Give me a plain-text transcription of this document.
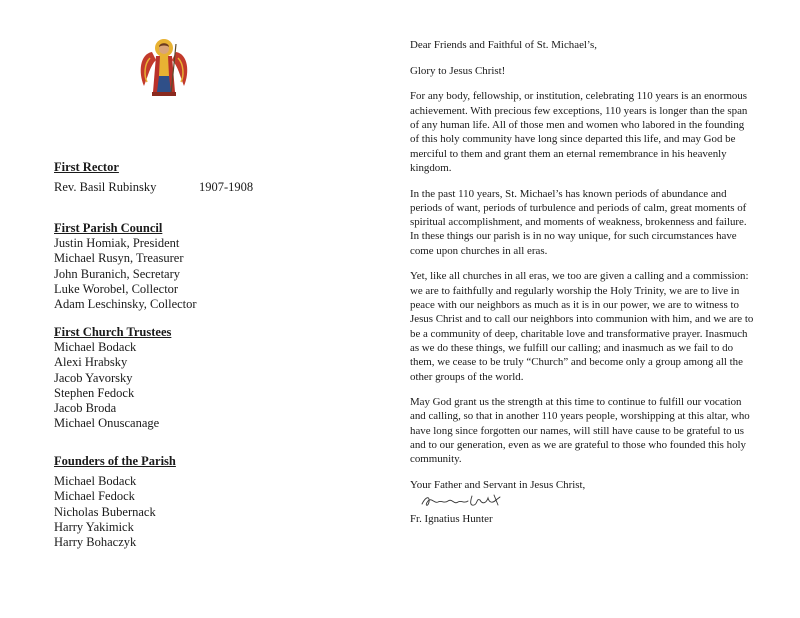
First Rector
Rev. Basil Rubinsky	1907-1908
First Parish Council
Justin Homiak, President
Michael Rusyn, Treasurer
John Buranich, Secretary
Luke Worobel, Collector
Adam Leschinsky, Collector
First Church Trustees
Michael Bodack
Alexi Hrabsky
Jacob Yavorsky
Stephen Fedock
Jacob Broda
Michael Onuscanage
Founders of the Parish
Michael Bodack
Michael Fedock
Nicholas Bubernack
Harry Yakimick
Harry Bohaczyk

Dear Friends and Faithful of St. Michael’s,

Glory to Jesus Christ!

For any body, fellowship, or institution, celebrating 110 years is an enormous achievement. With precious few exceptions, 110 years is longer than the span of any human life. All of those men and women who labored in the founding of this holy community have long since departed this life, and may God be merciful to them and grant them an eternal remembrance in his heavenly kingdom.

In the past 110 years, St. Michael’s has known periods of abundance and periods of want, periods of turbulence and periods of calm, great moments of spiritual accomplishment, and moments of weakness, brokenness and failure. In these things our parish is in no way unique, for such circumstances have come upon churches in all eras.

Yet, like all churches in all eras, we too are given a calling and a commission: we are to faithfully and regularly worship the Holy Trinity, we are to live in peace with our neighbors as much as it is in our power, we are to witness to Jesus Christ and to call our neighbors into communion with him, and we are to be a community of deep, charitable love and transformative prayer. Inasmuch as we do these things, we fulfill our calling; and inasmuch as we fail to do them, we cease to be truly “Church” and become only a group among all the other groups of the world.

May God grant us the strength at this time to continue to fulfill our vocation and calling, so that in another 110 years people, worshipping at this altar, who have long since forgotten our names, will still have cause to be grateful to us and to our generation, even as we are grateful to those who founded this holy community.

Your Father and Servant in Jesus Christ,

Fr. Ignatius Hunter
